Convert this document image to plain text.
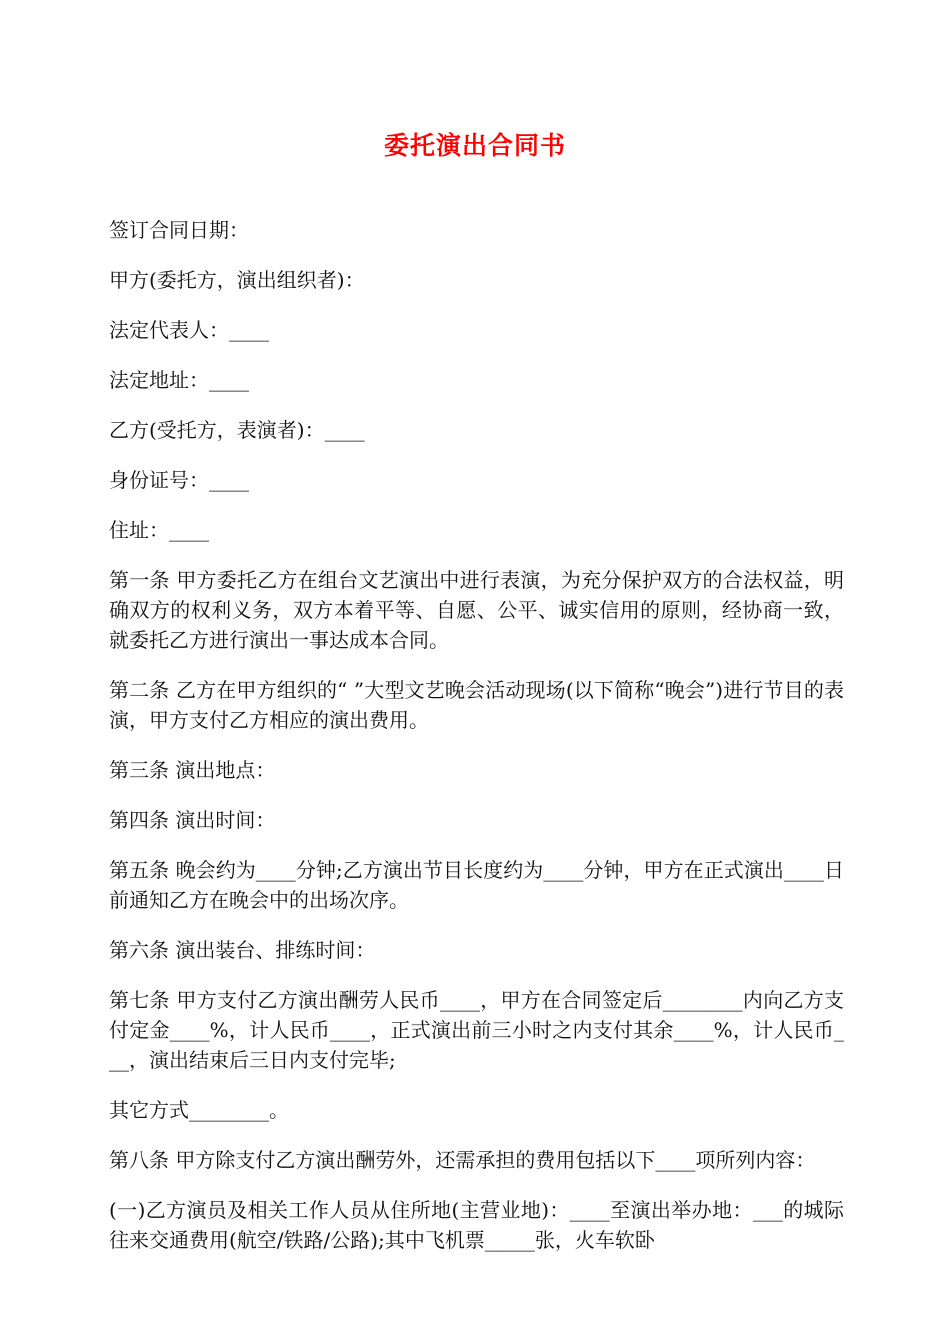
委托演出合同书

签订合同日期：

甲方(委托方，演出组织者)：

法定代表人：____

法定地址：____

乙方(受托方，表演者)：____

身份证号：____

住址：____

第一条 甲方委托乙方在组台文艺演出中进行表演，为充分保护双方的合法权益，明确双方的权利义务，双方本着平等、自愿、公平、诚实信用的原则，经协商一致，就委托乙方进行演出一事达成本合同。

第二条 乙方在甲方组织的“ ”大型文艺晚会活动现场(以下简称“晚会”)进行节目的表演，甲方支付乙方相应的演出费用。

第三条 演出地点：

第四条 演出时间：

第五条 晚会约为____分钟;乙方演出节目长度约为____分钟，甲方在正式演出____日前通知乙方在晚会中的出场次序。

第六条 演出装台、排练时间：

第七条 甲方支付乙方演出酬劳人民币____，甲方在合同签定后________内向乙方支付定金____%，计人民币____，正式演出前三小时之内支付其余____%，计人民币___，演出结束后三日内支付完毕;

其它方式________。

第八条 甲方除支付乙方演出酬劳外，还需承担的费用包括以下____项所列内容：

(一)乙方演员及相关工作人员从住所地(主营业地)：____至演出举办地：___的城际往来交通费用(航空/铁路/公路);其中飞机票_____张，火车软卧
